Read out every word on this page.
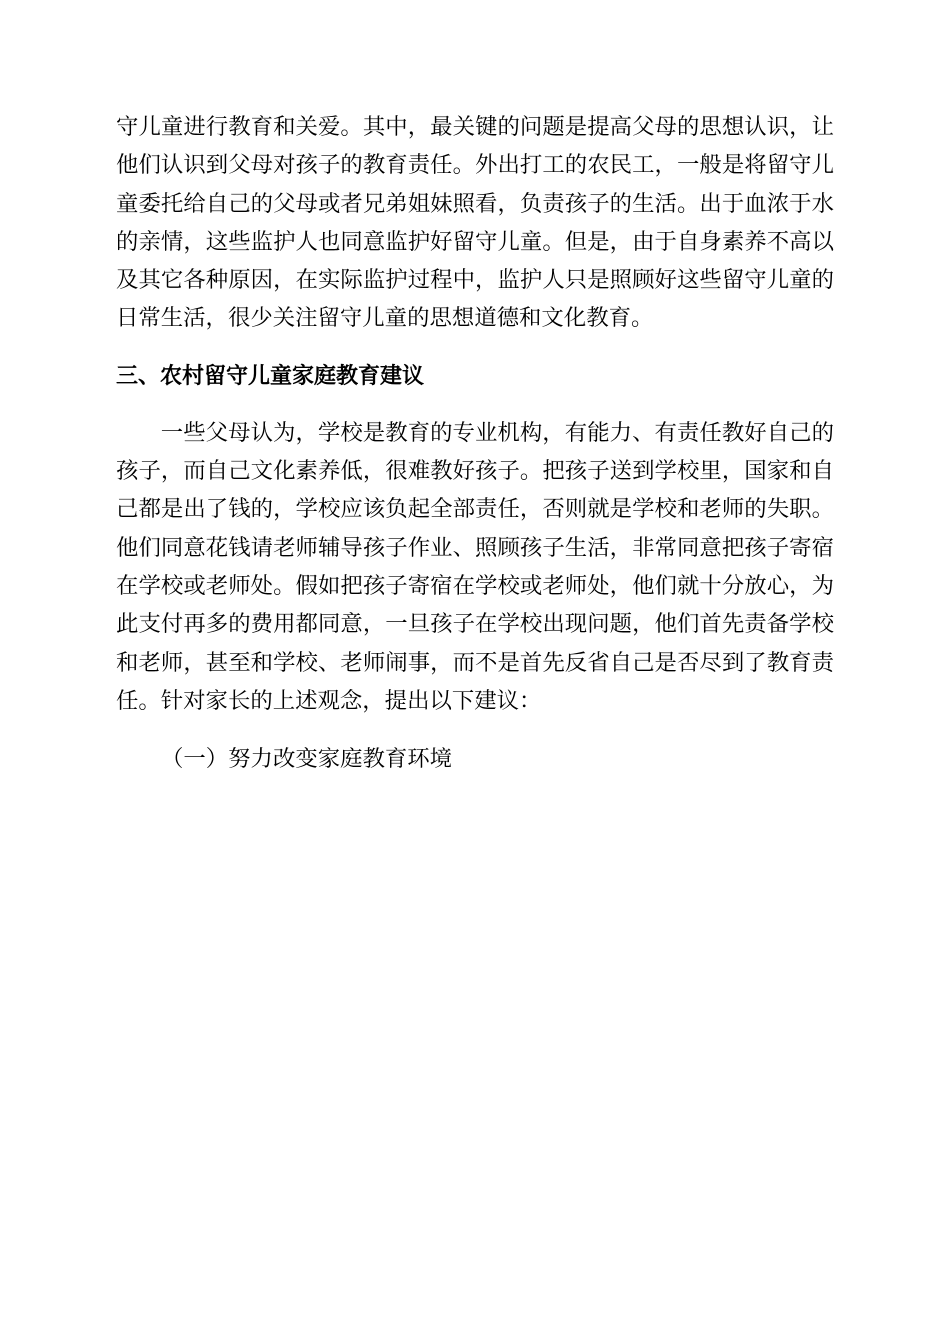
守儿童进行教育和关爱。其中，最关键的问题是提高父母的思想认识，让他们认识到父母对孩子的教育责任。外出打工的农民工，一般是将留守儿童委托给自己的父母或者兄弟姐妹照看，负责孩子的生活。出于血浓于水的亲情，这些监护人也同意监护好留守儿童。但是，由于自身素养不高以及其它各种原因，在实际监护过程中，监护人只是照顾好这些留守儿童的日常生活，很少关注留守儿童的思想道德和文化教育。

三、农村留守儿童家庭教育建议

一些父母认为，学校是教育的专业机构，有能力、有责任教好自己的孩子，而自己文化素养低，很难教好孩子。把孩子送到学校里，国家和自己都是出了钱的，学校应该负起全部责任，否则就是学校和老师的失职。他们同意花钱请老师辅导孩子作业、照顾孩子生活，非常同意把孩子寄宿在学校或老师处。假如把孩子寄宿在学校或老师处，他们就十分放心，为此支付再多的费用都同意，一旦孩子在学校出现问题，他们首先责备学校和老师，甚至和学校、老师闹事，而不是首先反省自己是否尽到了教育责任。针对家长的上述观念，提出以下建议：

（一）努力改变家庭教育环境
